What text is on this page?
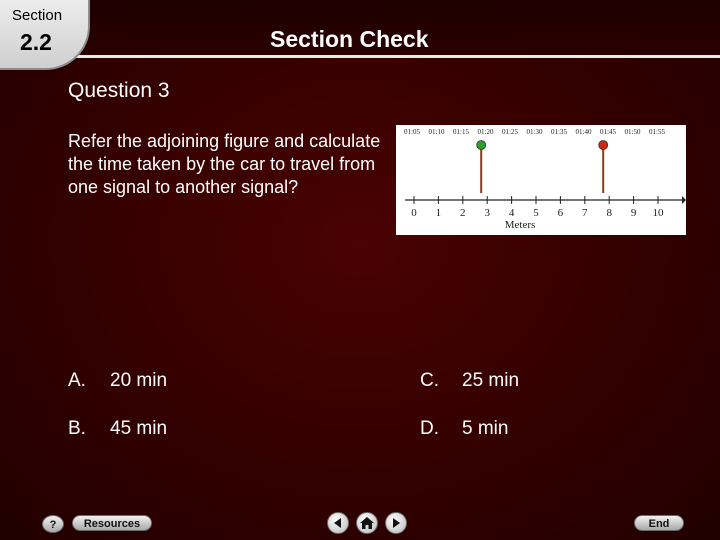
Section
2.2	Section Check
Question 3
Refer the adjoining figure and calculate the time taken by the car to travel from one signal to another signal?
01:05 01:10 01:15 01:20 01:25 01:30 01:35 01:40 01:45 01:50 01:55
0 1 2 3 4 5 6 7 8 9 10
Meters
A. 20 min
B. 45 min
C. 25 min
D. 5 min
?	Resources	End
